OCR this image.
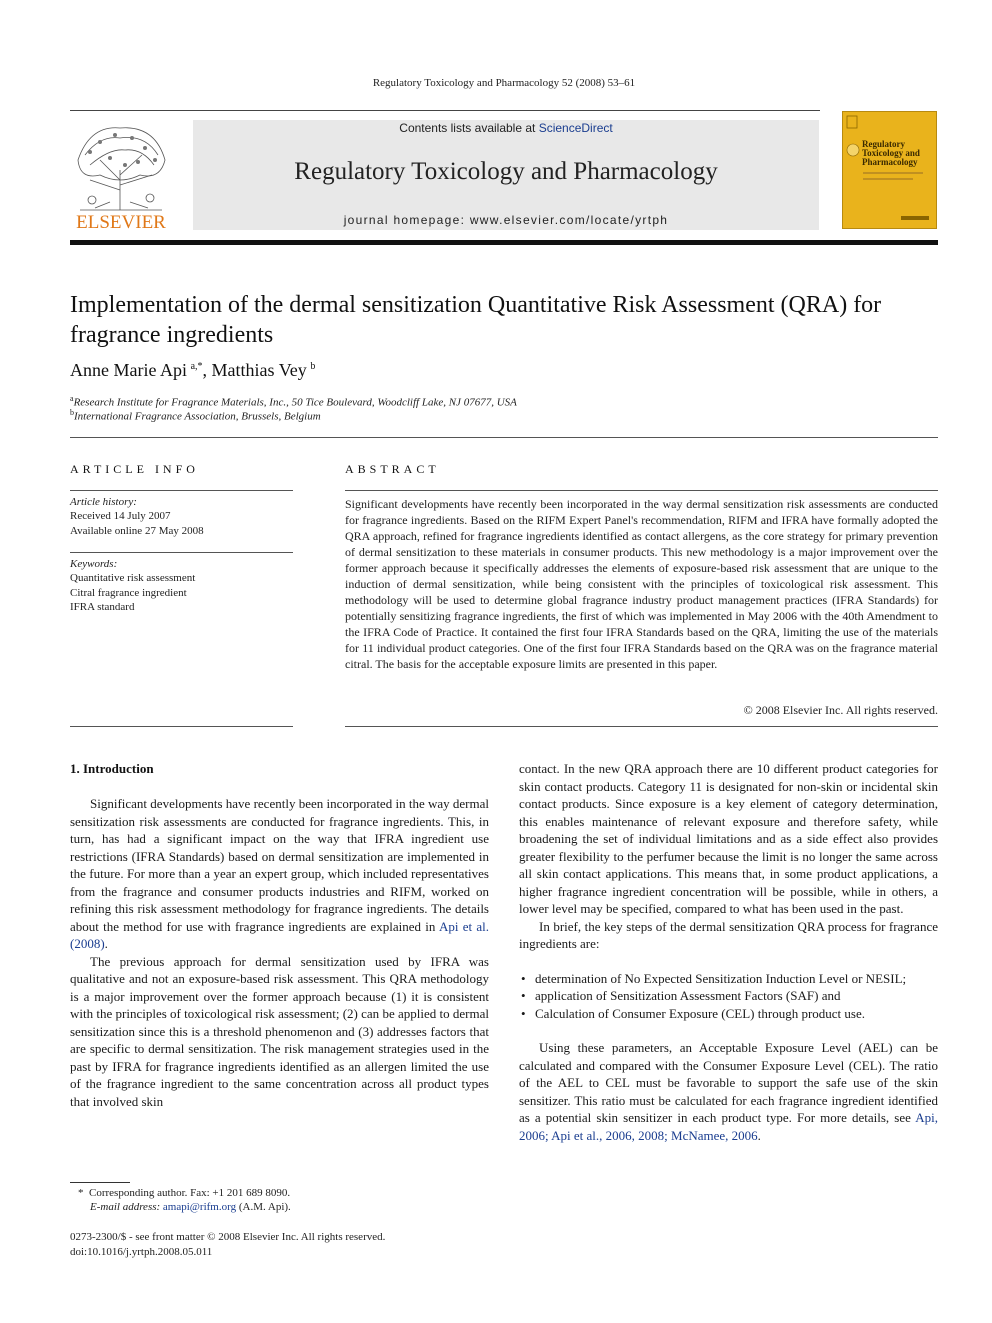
Regulatory Toxicology and Pharmacology 52 (2008) 53–61
ELSEVIER
Contents lists available at ScienceDirect
Regulatory Toxicology and Pharmacology
journal homepage: www.elsevier.com/locate/yrtph
Regulatory Toxicology and Pharmacology
Implementation of the dermal sensitization Quantitative Risk Assessment (QRA) for fragrance ingredients
Anne Marie Api  $^{a,*}$, Matthias Vey  $^b$
$^a$Research Institute for Fragrance Materials, Inc., 50 Tice Boulevard, Woodcliff Lake, NJ 07677, USA
$^b$International Fragrance Association, Brussels, Belgium
ARTICLE INFO
Article history:
Received 14 July 2007
Available online 27 May 2008
Keywords:
Quantitative risk assessment
Citral fragrance ingredient
IFRA standard
ABSTRACT
Significant developments have recently been incorporated in the way dermal sensitization risk assessments are conducted for fragrance ingredients. Based on the RIFM Expert Panel's recommendation, RIFM and IFRA have formally adopted the QRA approach, refined for fragrance ingredients identified as contact allergens, as the core strategy for primary prevention of dermal sensitization to these materials in consumer products. This new methodology is a major improvement over the former approach because it specifically addresses the elements of exposure-based risk assessment that are unique to the induction of dermal sensitization, while being consistent with the principles of toxicological risk assessment. This methodology will be used to determine global fragrance industry product management practices (IFRA Standards) for potentially sensitizing fragrance ingredients, the first of which was implemented in May 2006 with the 40th Amendment to the IFRA Code of Practice. It contained the first four IFRA Standards based on the QRA, limiting the use of the materials for 11 individual product categories. One of the first four IFRA Standards based on the QRA was on the fragrance material citral. The basis for the acceptable exposure limits are presented in this paper.
© 2008 Elsevier Inc. All rights reserved.
1. Introduction

Significant developments have recently been incorporated in the way dermal sensitization risk assessments are conducted for fragrance ingredients. This, in turn, has had a significant impact on the way that IFRA ingredient use restrictions (IFRA Standards) based on dermal sensitization are implemented in the future. For more than a year an expert group, which included representatives from the fragrance and consumer products industries and RIFM, worked on refining this risk assessment methodology for fragrance ingredients. The details about the method for use with fragrance ingredients are explained in Api et al. (2008).

The previous approach for dermal sensitization used by IFRA was qualitative and not an exposure-based risk assessment. This QRA methodology is a major improvement over the former approach because (1) it is consistent with the principles of toxicological risk assessment; (2) can be applied to dermal sensitization since this is a threshold phenomenon and (3) addresses factors that are specific to dermal sensitization. The risk management strategies used in the past by IFRA for fragrance ingredients identified as an allergen limited the use of the fragrance ingredient to the same concentration across all product types that involved skin

contact. In the new QRA approach there are 10 different product categories for skin contact products. Category 11 is designated for non-skin or incidental skin contact products. Since exposure is a key element of category determination, this enables maintenance of relevant exposure and therefore safety, while broadening the set of individual limitations and as a side effect also provides greater flexibility to the perfumer because the limit is no longer the same across all skin contact applications. This means that, in some product applications, a higher fragrance ingredient concentration will be possible, while in others, a lower level may be specified, compared to what has been used in the past.

In brief, the key steps of the dermal sensitization QRA process for fragrance ingredients are:

• determination of No Expected Sensitization Induction Level or NESIL;
• application of Sensitization Assessment Factors (SAF) and
• Calculation of Consumer Exposure (CEL) through product use.

Using these parameters, an Acceptable Exposure Level (AEL) can be calculated and compared with the Consumer Exposure Level (CEL). The ratio of the AEL to CEL must be favorable to support the safe use of the skin sensitizer. This ratio must be calculated for each fragrance ingredient identified as a potential skin sensitizer in each product type. For more details, see Api, 2006; Api et al., 2006, 2008; McNamee, 2006.

* Corresponding author. Fax: +1 201 689 8090.
E-mail address: amapi@rifm.org (A.M. Api).
0273-2300/$ - see front matter © 2008 Elsevier Inc. All rights reserved.
doi:10.1016/j.yrtph.2008.05.011
